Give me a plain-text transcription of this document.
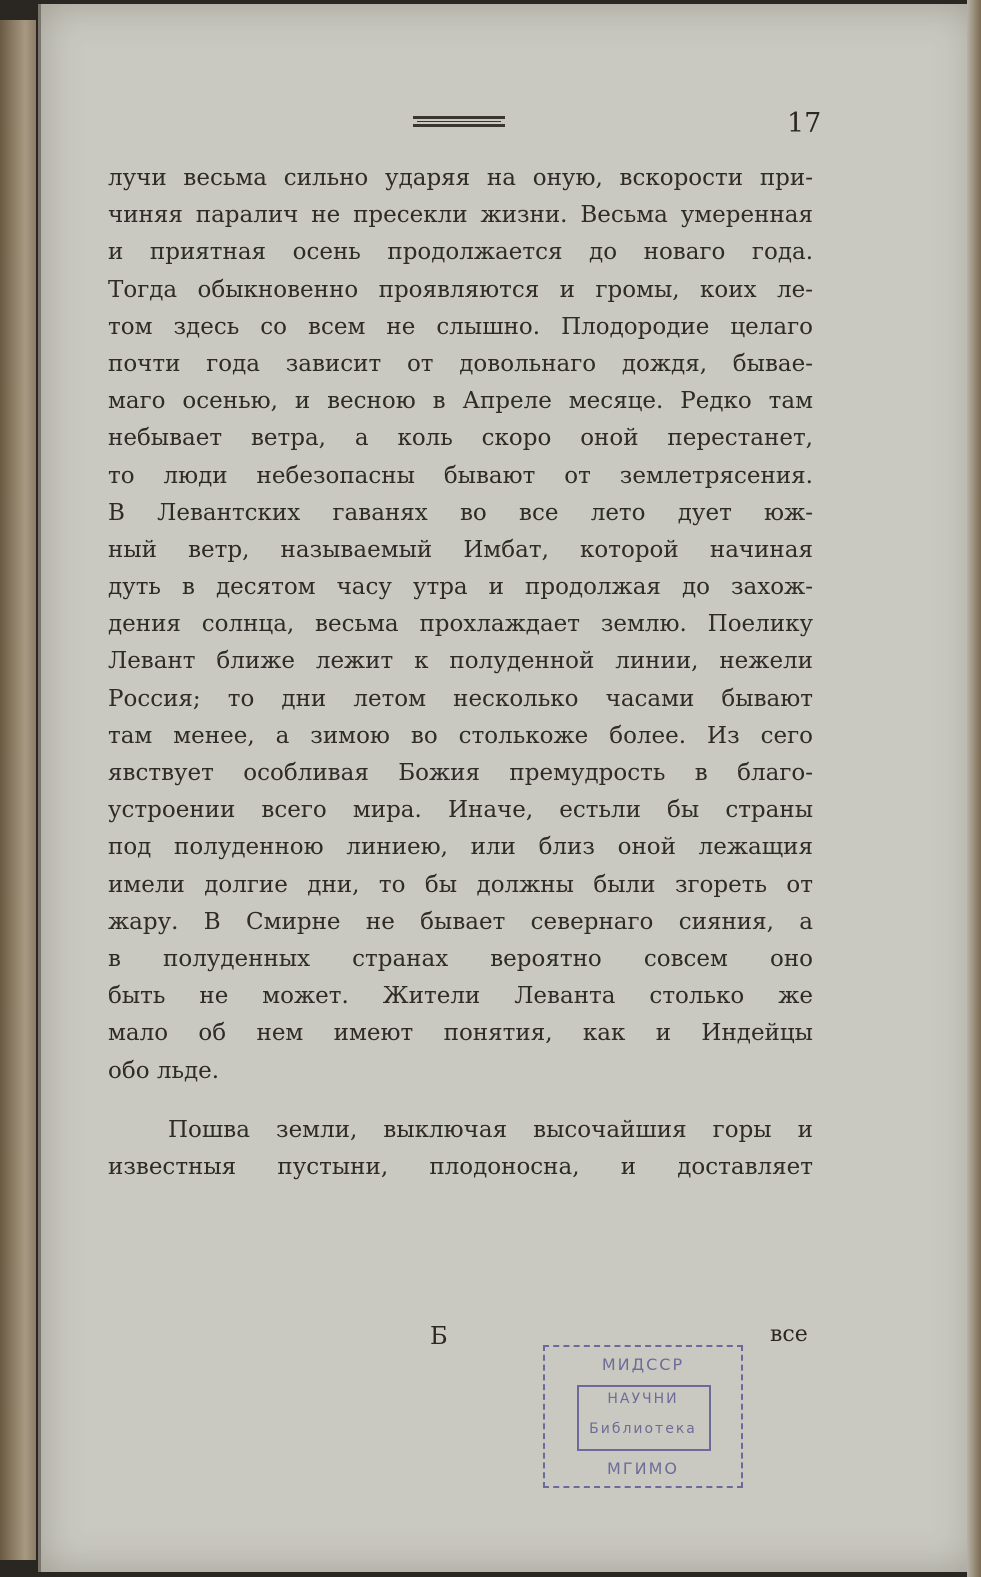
17
лучи весьма сильно ударяя на оную, вскорости при-
чиняя паралич не пресекли жизни. Весьма умеренная
и приятная осень продолжается до новаго года.
Тогда обыкновенно проявляются и громы, коих ле-
том здесь со всем не слышно. Плодородие целаго
почти года зависит от довольнаго дождя, бывае-
маго осенью, и весною в Апреле месяце. Редко там
небывает ветра, а коль скоро оной перестанет,
то люди небезопасны бывают от землетрясения.
В Левантских гаванях во все лето дует юж-
ный ветр, называемый Имбат, которой начиная
дуть в десятом часу утра и продолжая до захож-
дения солнца, весьма прохлаждает землю. Поелику
Левант ближе лежит к полуденной линии, нежели
Россия; то дни летом несколько часами бывают
там менее, а зимою во столькоже более. Из сего
явствует особливая Божия премудрость в благо-
устроении всего мира. Иначе, естьли бы страны
под полуденною линиею, или близ оной лежащия
имели долгие дни, то бы должны были згореть от
жару. В Смирне не бывает севернаго сияния, а
в полуденных странах вероятно совсем оно
быть не может. Жители Леванта столько же
мало об нем имеют понятия, как и Индейцы
обо льде.
Пошва земли, выключая высочайшия горы и
известныя пустыни, плодоносна, и доставляет
Б	все
МИДССР
НАУЧНИ
Библиотека
МГИМО
